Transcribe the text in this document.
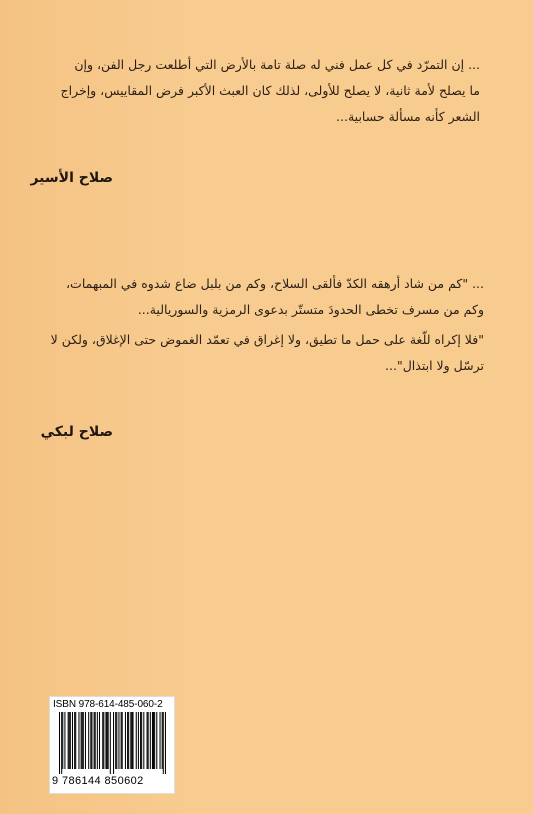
... إن التمرّد في كل عمل فني له صلة تامة بالأرض التي أطلعت رجل الفن، وإن ما يصلح لأمة ثانية، لا يصلح للأولى، لذلك كان العبث الأكبر فرض المقاييس، وإخراج الشعر كأنه مسألة حسابية...
صلاح الأسير
... "كم من شاد أرهقه الكدّ فألقى السلاح، وكم من بلبل ضاع شدوه في المبهمات، وكم من مسرف تخطى الحدودَ متستّر بدعوى الرمزية والسوريالية...
"فلا إكراه للّغة على حمل ما تطيق، ولا إغراق في تعمّد الغموض حتى الإغلاق، ولكن لا ترسّل ولا ابتذال"...
صلاح لبكي
ISBN 978-614-485-060-2
9 786144 850602
